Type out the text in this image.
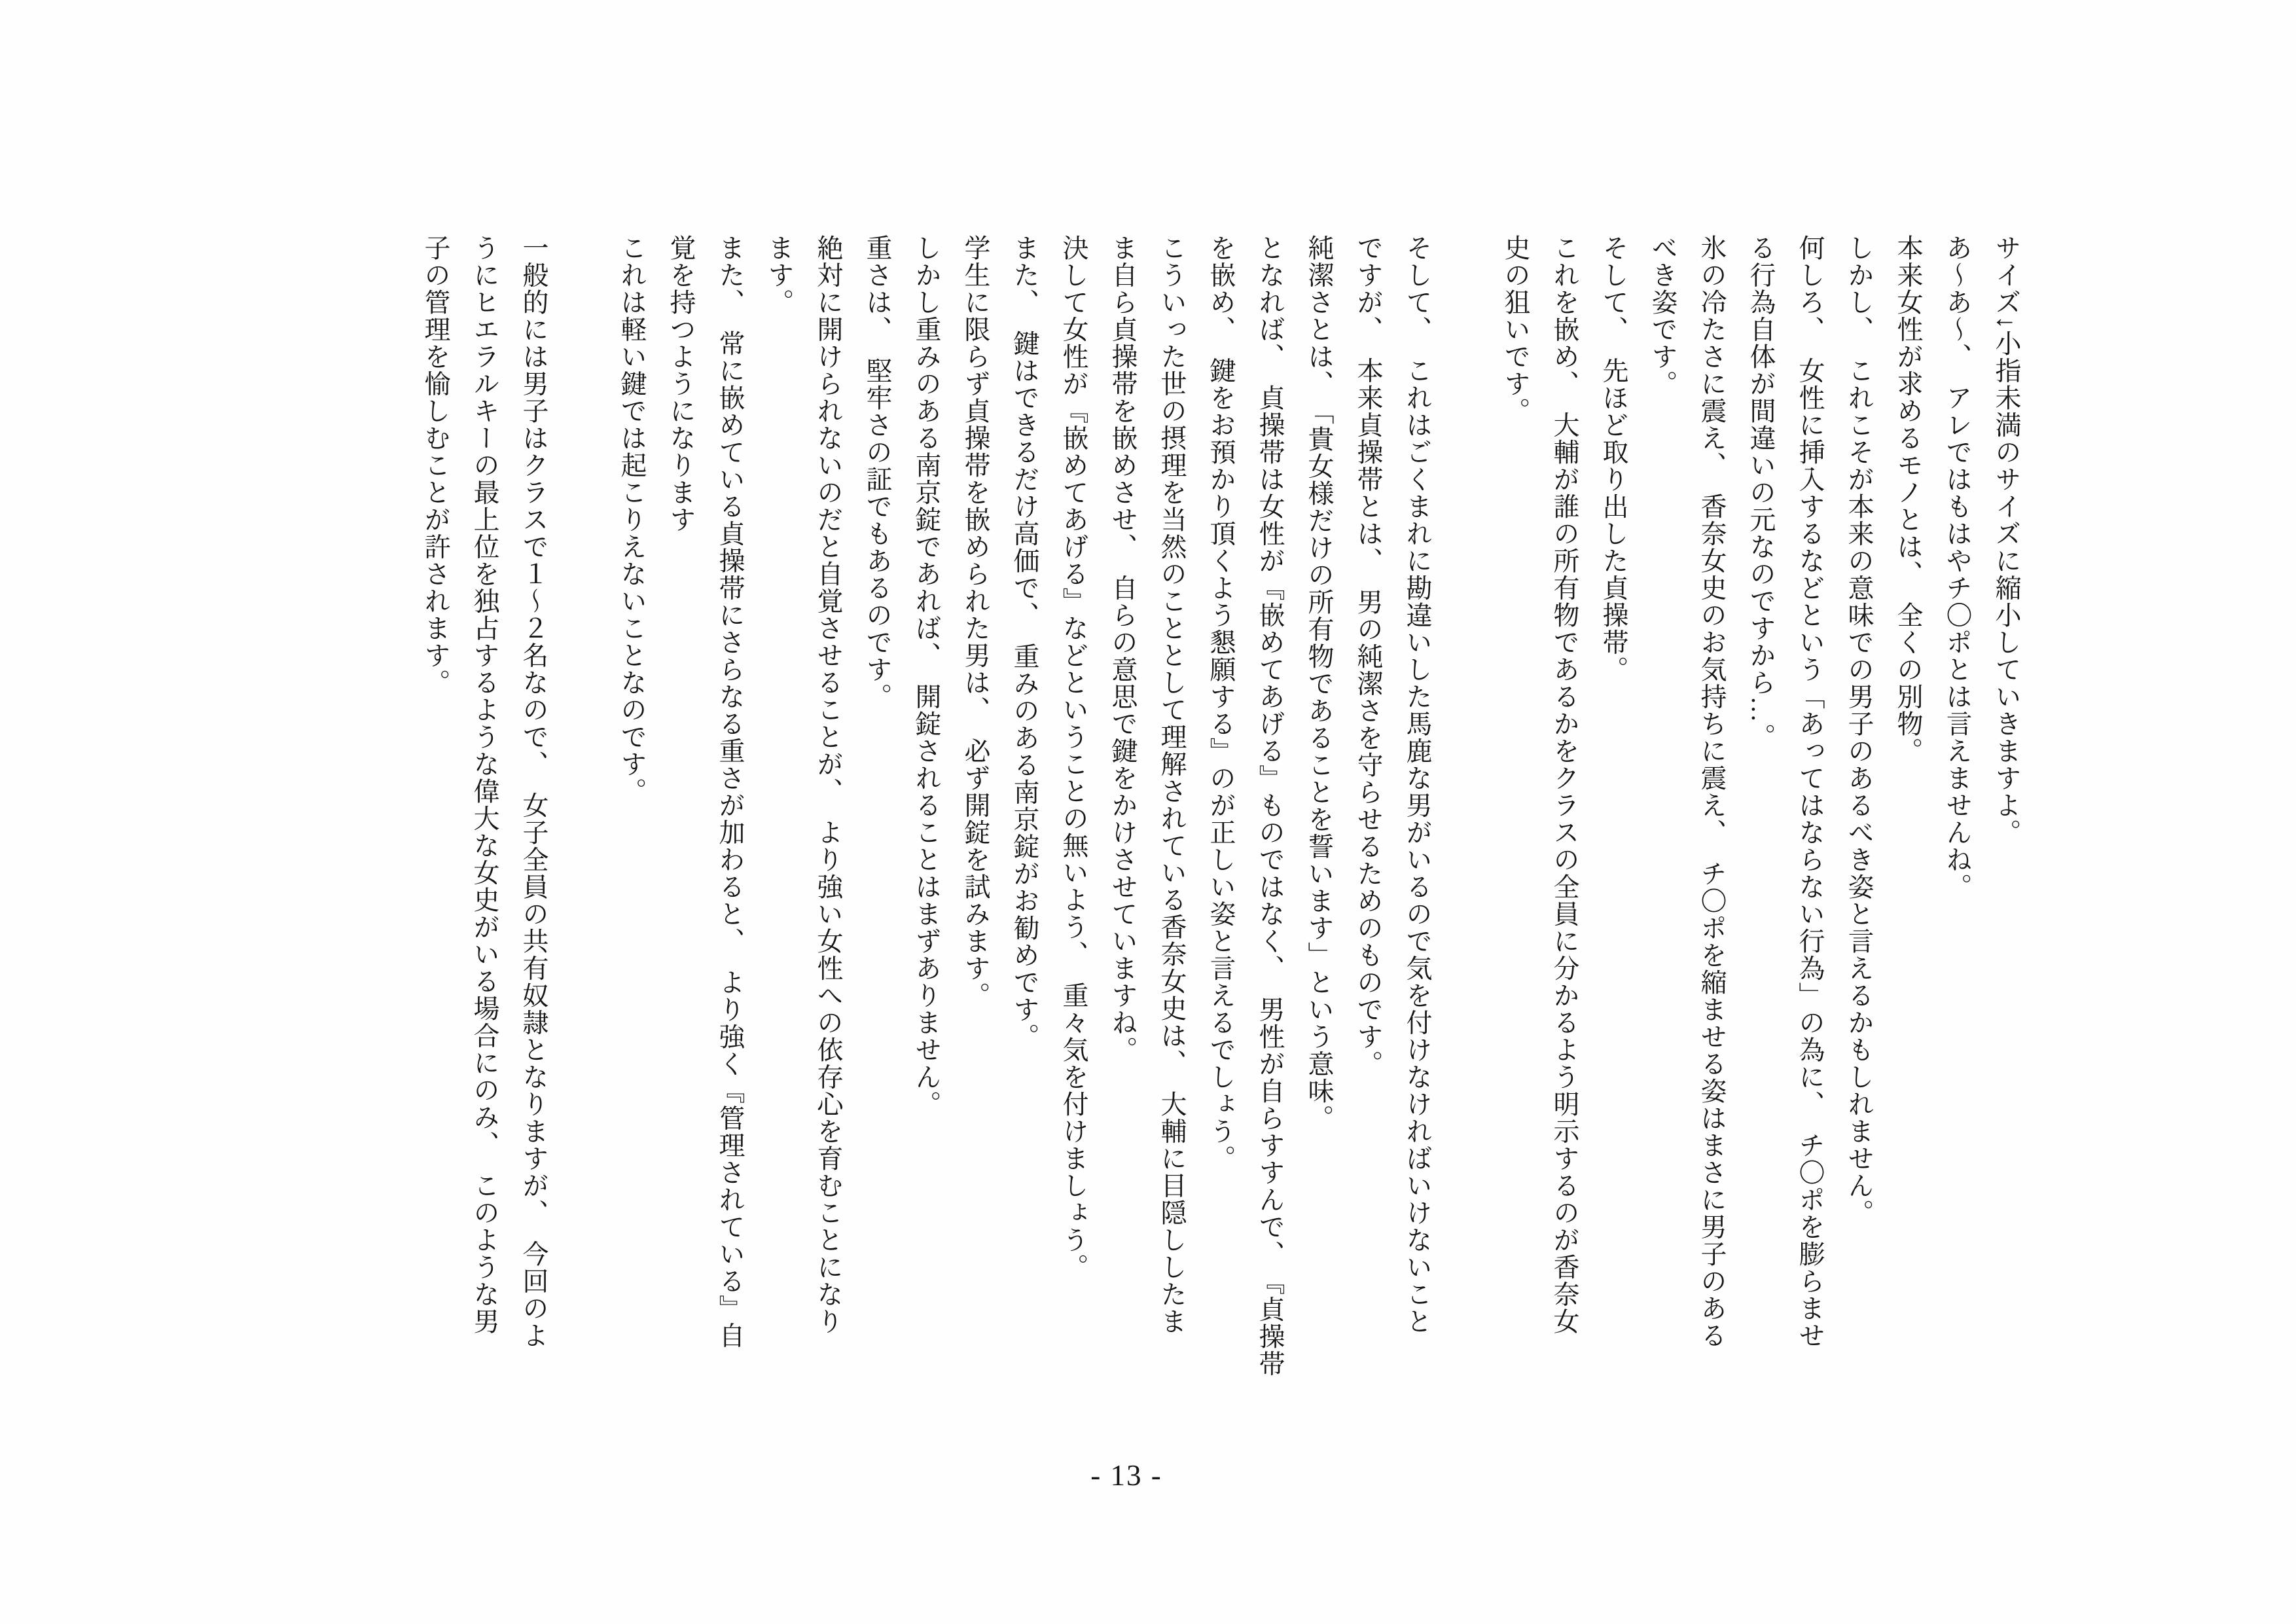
サイズ↓小指未満のサイズに縮小していきますよ。

あ〜あ〜、　アレではもはやチ〇ポとは言えませんね。

本来女性が求めるモノとは、　全くの別物。

しかし、　これこそが本来の意味での男子のあるべき姿と言えるかもしれません。

何しろ、　女性に挿入するなどという「あってはならない行為」の為に、　チ〇ポを膨らませ

る行為自体が間違いの元なのですから…。

氷の冷たさに震え、　香奈女史のお気持ちに震え、　チ〇ポを縮ませる姿はまさに男子のある

べき姿です。

そして、　先ほど取り出した貞操帯。

これを嵌め、　大輔が誰の所有物であるかをクラスの全員に分かるよう明示するのが香奈女

史の狙いです。

そして、　これはごくまれに勘違いした馬鹿な男がいるので気を付けなければいけないこと

ですが、　本来貞操帯とは、　男の純潔さを守らせるためのものです。

純潔さとは、　「貴女様だけの所有物であることを誓います」という意味。

となれば、　貞操帯は女性が『嵌めてあげる』ものではなく、　男性が自らすすんで、　『貞操帯

を嵌め、　鍵をお預かり頂くよう懇願する』のが正しい姿と言えるでしょう。

こういった世の摂理を当然のこととして理解されている香奈女史は、　大輔に目隠ししたま

ま自ら貞操帯を嵌めさせ、　自らの意思で鍵をかけさせていますね。

決して女性が『嵌めてあげる』などということの無いよう、　重々気を付けましょう。

また、　鍵はできるだけ高価で、　重みのある南京錠がお勧めです。

学生に限らず貞操帯を嵌められた男は、　必ず開錠を試みます。

しかし重みのある南京錠であれば、　開錠されることはまずありません。

重さは、　堅牢さの証でもあるのです。

絶対に開けられないのだと自覚させることが、　より強い女性への依存心を育むことになり

ます。

また、　常に嵌めている貞操帯にさらなる重さが加わると、　より強く『管理されている』自

覚を持つようになります

これは軽い鍵では起こりえないことなのです。

一般的には男子はクラスで１〜２名なので、　女子全員の共有奴隷となりますが、　今回のよ

うにヒエラルキーの最上位を独占するような偉大な女史がいる場合にのみ、　このような男

子の管理を愉しむことが許されます。

- 13 -
